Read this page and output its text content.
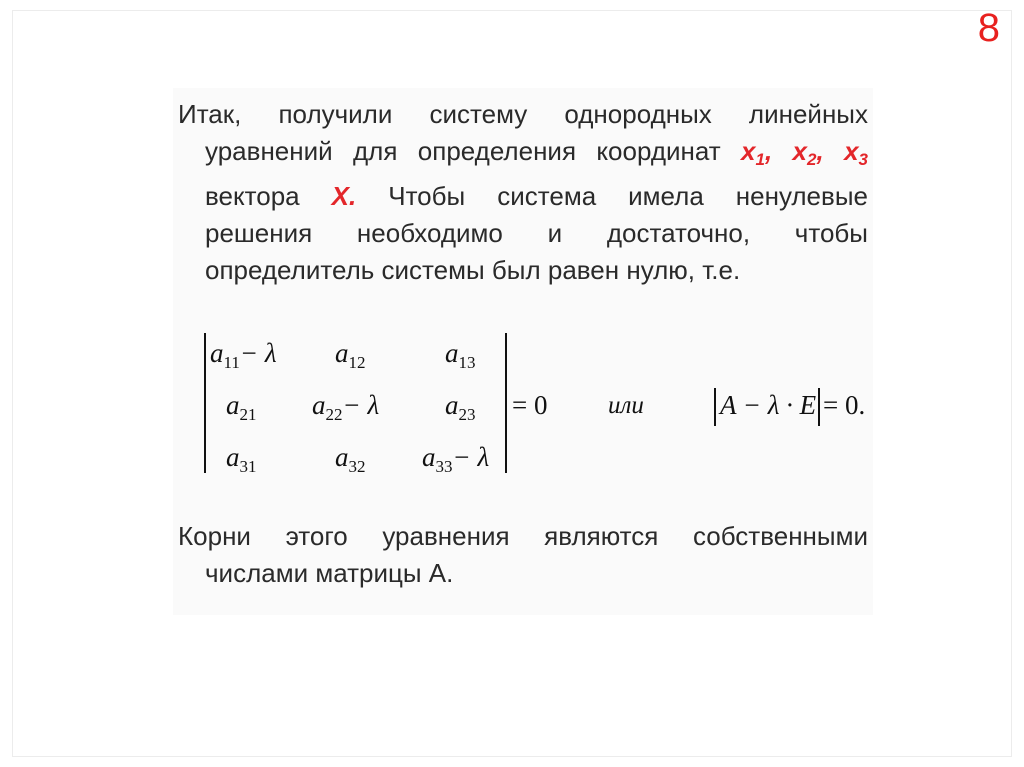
8
Итак, получили систему однородных линейных
уравнений для определения координат $x_1$, $x_2$, $x_3$
вектора X. Чтобы система имела ненулевые
решения необходимо и достаточно, чтобы
определитель системы был равен нулю, т.е.
$a_{11}- \lambda$ $a_{12}$	$a_{13}$
$a_{21}$ $a_{22}- \lambda$ $a_{23}$
$a_{31}$	$a_{32}$ $a_{33}- \lambda$
= 0 или	A − λ · E = 0.
Корни этого уравнения являются собственными
числами матрицы А.
